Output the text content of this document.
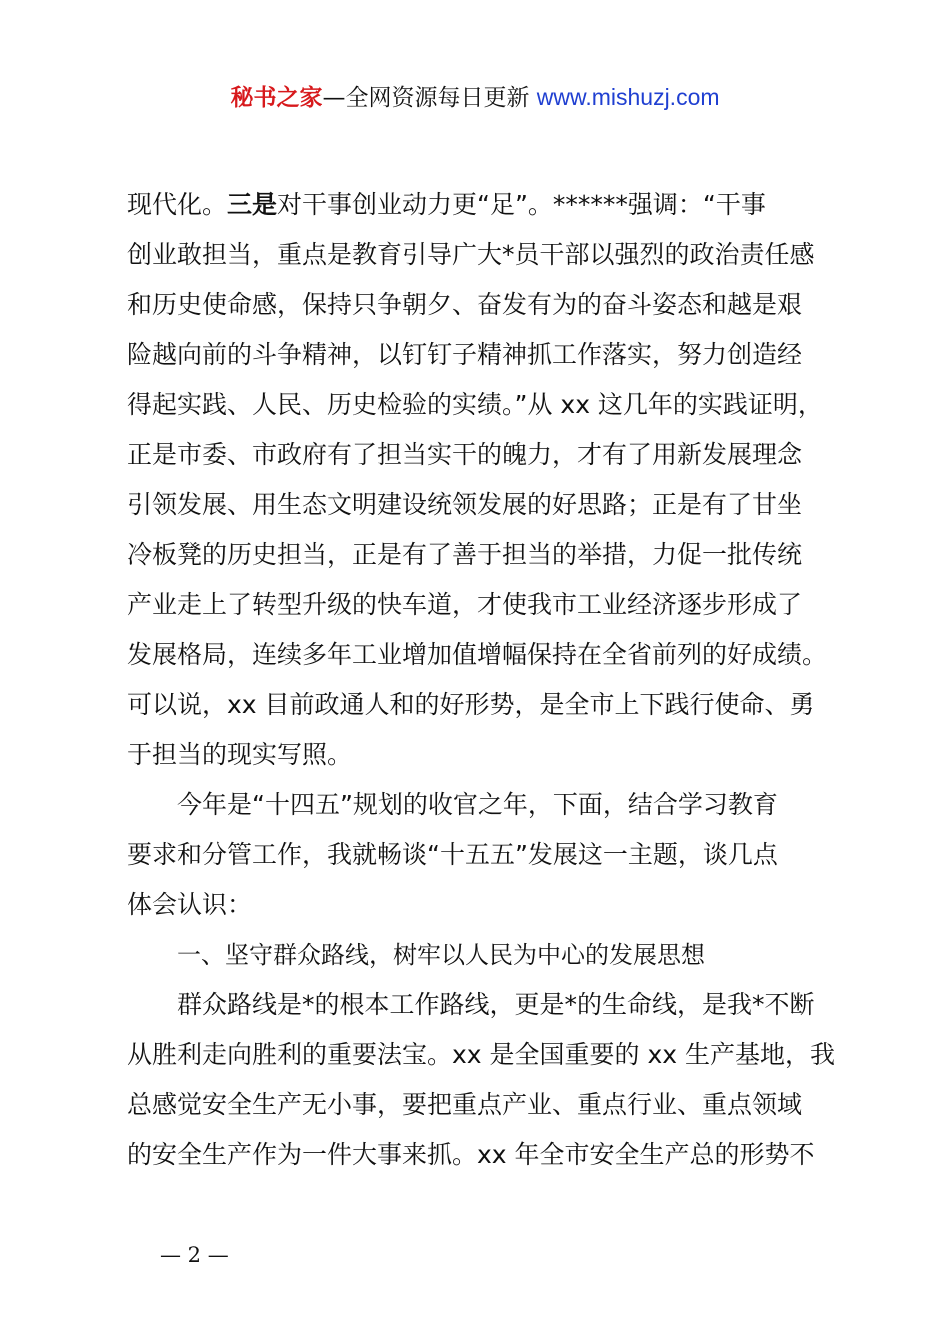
秘书之家—全网资源每日更新 www.mishuzj.com
现代化。三是对干事创业动力更“足”。******强调：“干事
创业敢担当，重点是教育引导广大*员干部以强烈的政治责任感
和历史使命感，保持只争朝夕、奋发有为的奋斗姿态和越是艰
险越向前的斗争精神，以钉钉子精神抓工作落实，努力创造经
得起实践、人民、历史检验的实绩。”从 xx 这几年的实践证明，
正是市委、市政府有了担当实干的魄力，才有了用新发展理念
引领发展、用生态文明建设统领发展的好思路；正是有了甘坐
冷板凳的历史担当，正是有了善于担当的举措，力促一批传统
产业走上了转型升级的快车道，才使我市工业经济逐步形成了
发展格局，连续多年工业增加值增幅保持在全省前列的好成绩。
可以说，xx 目前政通人和的好形势，是全市上下践行使命、勇
于担当的现实写照。
今年是“十四五”规划的收官之年，下面，结合学习教育
要求和分管工作，我就畅谈“十五五”发展这一主题，谈几点
体会认识：
一、坚守群众路线，树牢以人民为中心的发展思想
群众路线是*的根本工作路线，更是*的生命线，是我*不断
从胜利走向胜利的重要法宝。xx 是全国重要的 xx 生产基地，我
总感觉安全生产无小事，要把重点产业、重点行业、重点领域
的安全生产作为一件大事来抓。xx 年全市安全生产总的形势不
— 2 —
